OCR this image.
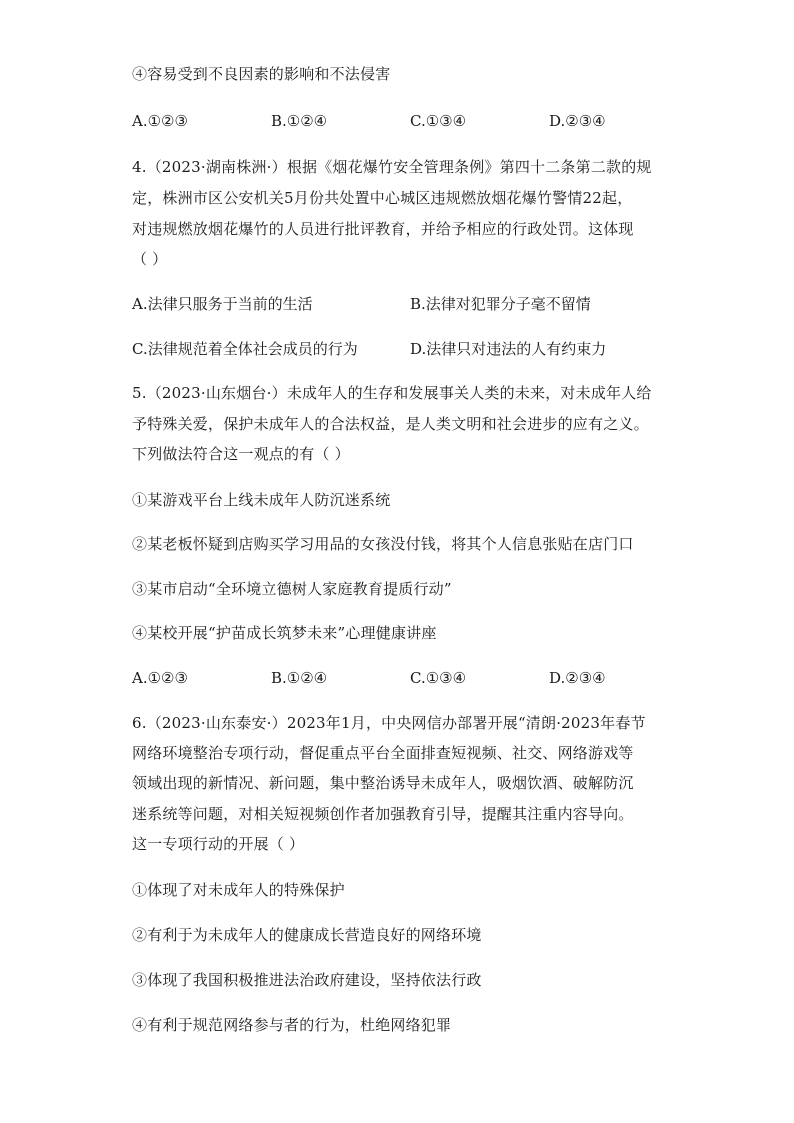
④容易受到不良因素的影响和不法侵害
A.①②③	B.①②④	C.①③④	D.②③④
4.（2023·湖南株洲·）根据《烟花爆竹安全管理条例》第四十二条第二款的规
定，株洲市区公安机关5月份共处置中心城区违规燃放烟花爆竹警情22起，
对违规燃放烟花爆竹的人员进行批评教育，并给予相应的行政处罚。这体现
（ ）
A.法律只服务于当前的生活	B.法律对犯罪分子毫不留情
C.法律规范着全体社会成员的行为	D.法律只对违法的人有约束力
5.（2023·山东烟台·）未成年人的生存和发展事关人类的未来，对未成年人给
予特殊关爱，保护未成年人的合法权益，是人类文明和社会进步的应有之义。
下列做法符合这一观点的有（ ）
①某游戏平台上线未成年人防沉迷系统
②某老板怀疑到店购买学习用品的女孩没付钱，将其个人信息张贴在店门口
③某市启动“全环境立德树人家庭教育提质行动”
④某校开展“护苗成长筑梦未来”心理健康讲座
A.①②③	B.①②④	C.①③④	D.②③④
6.（2023·山东泰安·）2023年1月，中央网信办部署开展“清朗·2023年春节
网络环境整治专项行动，督促重点平台全面排查短视频、社交、网络游戏等
领域出现的新情况、新问题，集中整治诱导未成年人，吸烟饮酒、破解防沉
迷系统等问题，对相关短视频创作者加强教育引导，提醒其注重内容导向。
这一专项行动的开展（ ）
①体现了对未成年人的特殊保护
②有利于为未成年人的健康成长营造良好的网络环境
③体现了我国积极推进法治政府建设，坚持依法行政
④有利于规范网络参与者的行为，杜绝网络犯罪
